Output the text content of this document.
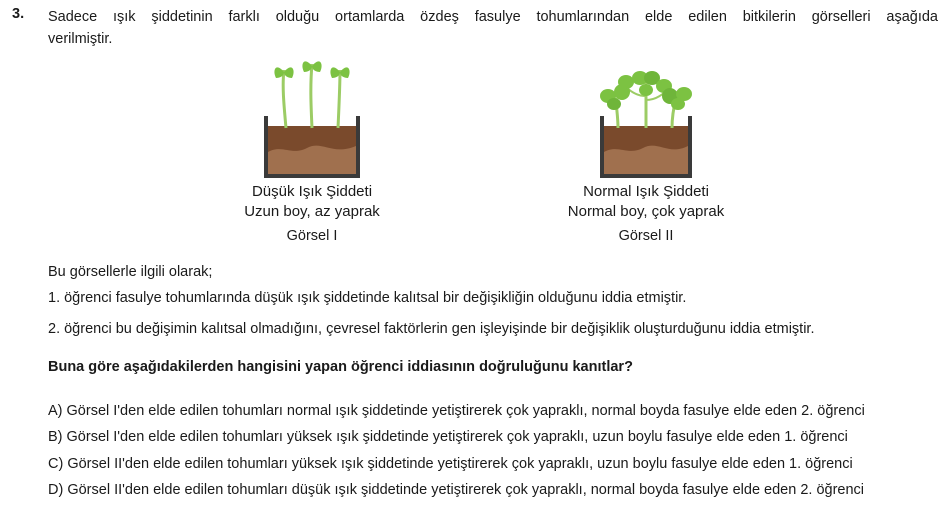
3. Sadece ışık şiddetinin farklı olduğu ortamlarda özdeş fasulye tohumlarından elde edilen bitkilerin görselleri aşağıda
verilmiştir.
Düşük Işık Şiddeti
Uzun boy, az yaprak
Görsel I
Normal Işık Şiddeti
Normal boy, çok yaprak
Görsel II
Bu görsellerle ilgili olarak;
1. öğrenci fasulye tohumlarında düşük ışık şiddetinde kalıtsal bir değişikliğin olduğunu iddia etmiştir.
2. öğrenci bu değişimin kalıtsal olmadığını, çevresel faktörlerin gen işleyişinde bir değişiklik oluşturduğunu iddia etmiştir.
Buna göre aşağıdakilerden hangisini yapan öğrenci iddiasının doğruluğunu kanıtlar?
A) Görsel I'den elde edilen tohumları normal ışık şiddetinde yetiştirerek çok yapraklı, normal boyda fasulye elde eden 2. öğrenci
B) Görsel I'den elde edilen tohumları yüksek ışık şiddetinde yetiştirerek çok yapraklı, uzun boylu fasulye elde eden 1. öğrenci
C) Görsel II'den elde edilen tohumları yüksek ışık şiddetinde yetiştirerek çok yapraklı, uzun boylu fasulye elde eden 1. öğrenci
D) Görsel II'den elde edilen tohumları düşük ışık şiddetinde yetiştirerek çok yapraklı, normal boyda fasulye elde eden 2. öğrenci
